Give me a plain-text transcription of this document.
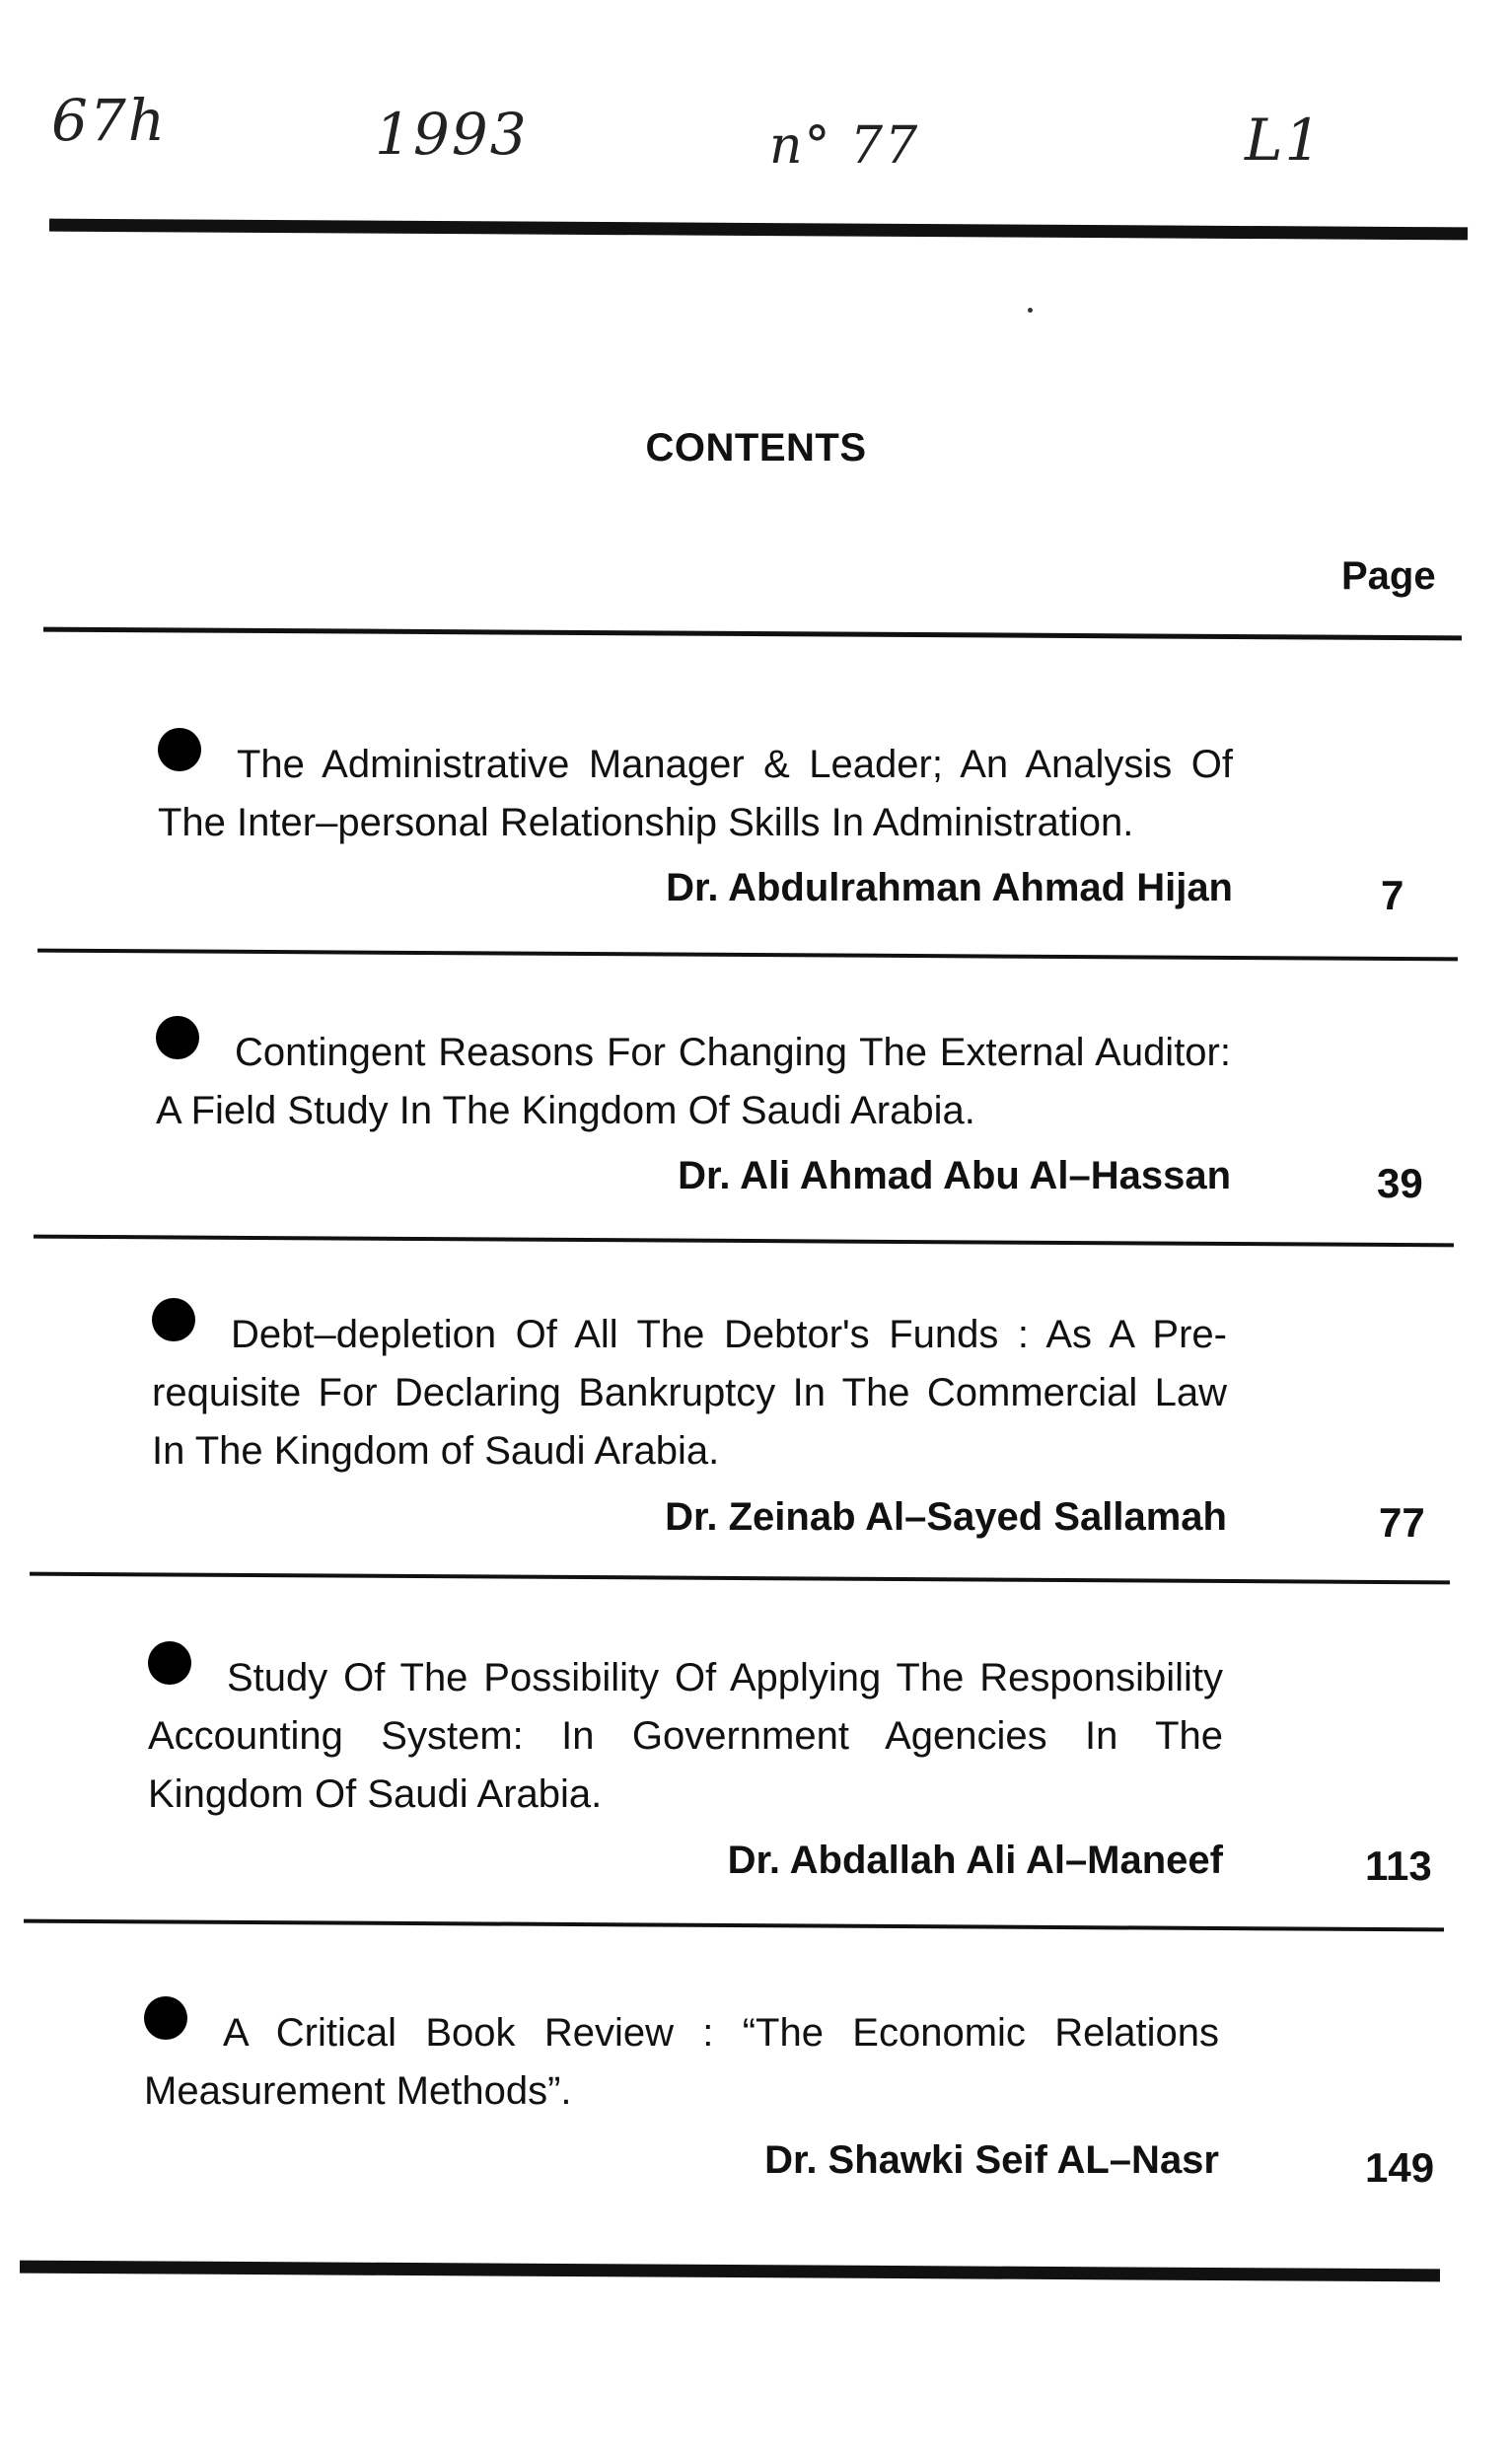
67h	1993	n° 77	L1
CONTENTS
Page
The Administrative Manager & Leader; An Analysis Of The Inter–personal Relationship Skills In Administration.
Dr. Abdulrahman Ahmad Hijan	7
Contingent Reasons For Changing The External Auditor: A Field Study In The Kingdom Of Saudi Arabia.
Dr. Ali Ahmad Abu Al–Hassan	39
Debt–depletion Of All The Debtor's Funds : As A Pre-requisite For Declaring Bankruptcy In The Commercial Law In The Kingdom of Saudi Arabia.
Dr. Zeinab Al–Sayed Sallamah	77
Study Of The Possibility Of Applying The Responsibility Accounting System: In Government Agencies In The Kingdom Of Saudi Arabia.
Dr. Abdallah Ali Al–Maneef	113
A Critical Book Review : “The Economic Relations Measurement Methods”.
Dr. Shawki Seif AL–Nasr	149
